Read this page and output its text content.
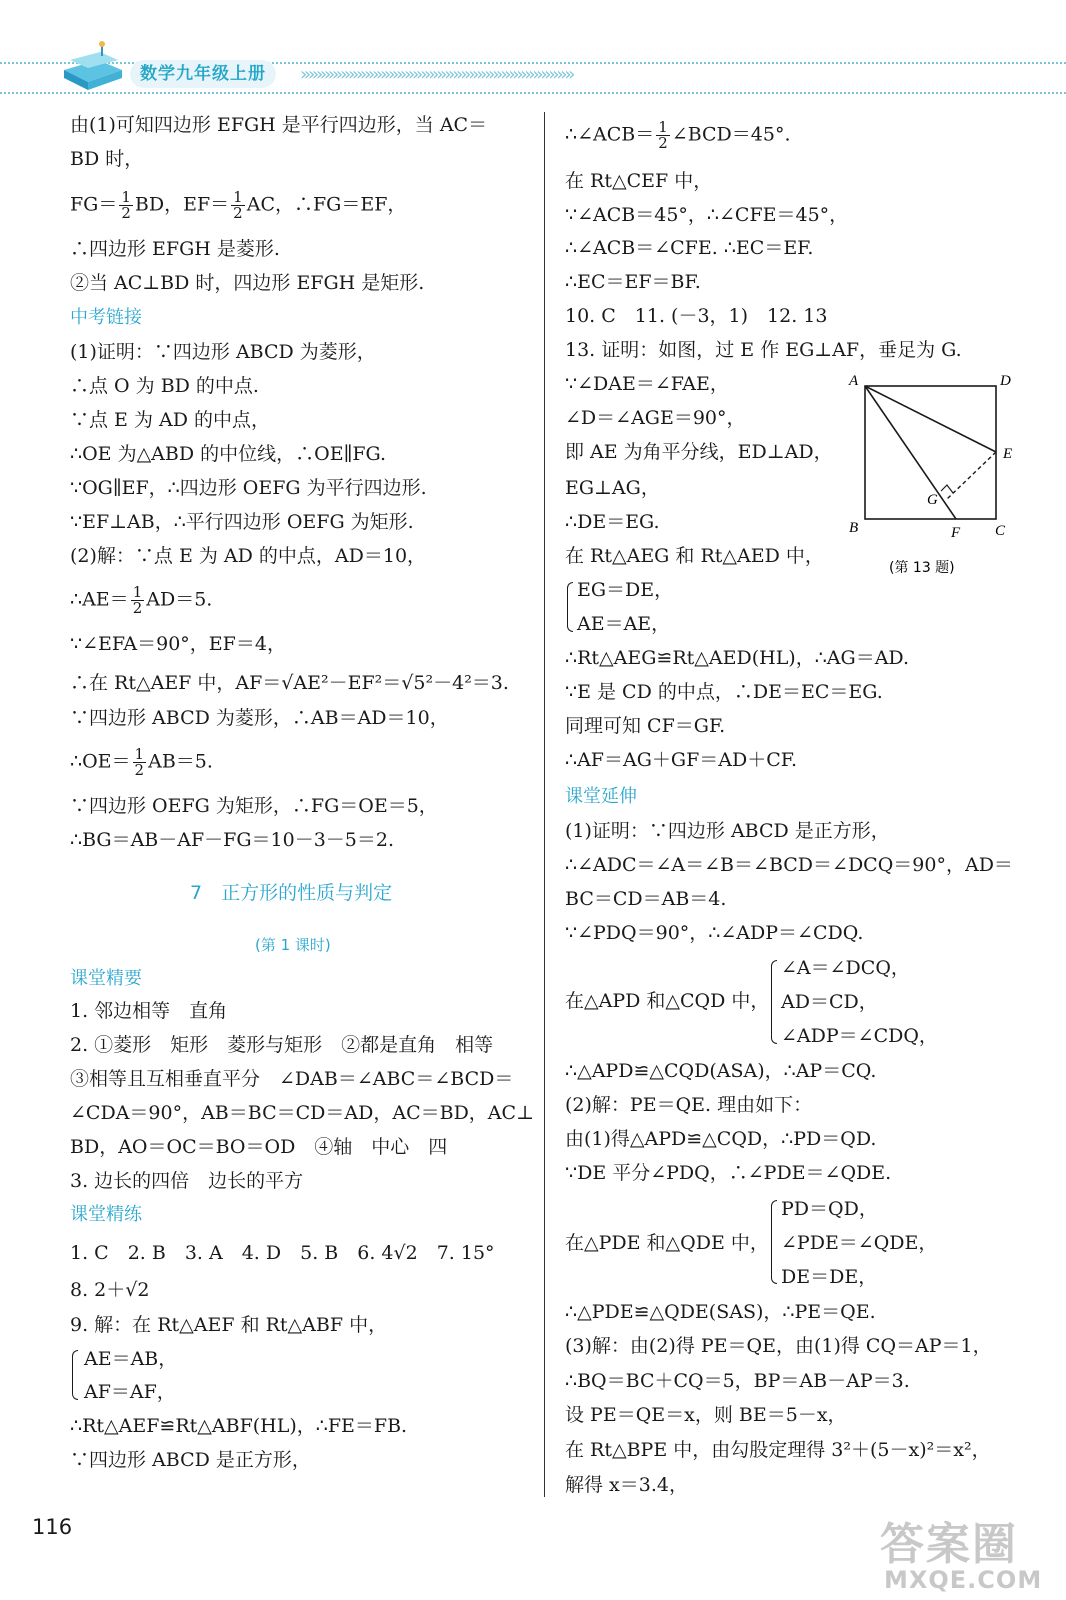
数学九年级上册	»»»»»»»»»»»»»»»»»»»»»»»»»»»»»»»»»»
由(1)可知四边形 EFGH 是平行四边形，当 AC＝
BD 时，
$FG= \frac{1}{2}$ BD，$EF= \frac{1}{2}$ AC，∴FG＝EF，
∴四边形 EFGH 是菱形.
②当 AC⊥BD 时，四边形 EFGH 是矩形.
中考链接
(1)证明：∵四边形 ABCD 为菱形，
∴点 O 为 BD 的中点.
∵点 E 为 AD 的中点，
∴OE 为△ABD 的中位线，∴OE∥FG.
∵OG∥EF，∴四边形 OEFG 为平行四边形.
∵EF⊥AB，∴平行四边形 OEFG 为矩形.
(2)解：∵点 E 为 AD 的中点，AD＝10，
∴AE＝ $\frac{1}{2} AD=5$.
∵∠EFA＝90°，EF＝4，
∴在 Rt△AEF 中，AF＝√AE²－EF²＝√5²－4²＝3.
∵四边形 ABCD 为菱形，∴AB＝AD＝10，
∴OE＝ $\frac{1}{2} AB=5$.
∵四边形 OEFG 为矩形，∴FG＝OE＝5，
∴BG＝AB－AF－FG＝10－3－5＝2.
7　正方形的性质与判定
(第 1 课时)
课堂精要
1. 邻边相等　直角
2. ①菱形　矩形　菱形与矩形　②都是直角　相等
③相等且互相垂直平分　∠DAB＝∠ABC＝∠BCD＝
∠CDA＝90°，AB＝BC＝CD＝AD，AC＝BD，AC⊥
BD，AO＝OC＝BO＝OD　④轴　中心　四
3. 边长的四倍　边长的平方
课堂精练
1. C　2. B　3. A　4. D　5. B　6. 4√2　7. 15°
8. 2＋√2
9. 解：在 Rt△AEF 和 Rt△ABF 中，
AE＝AB，
AF＝AF，
∴Rt△AEF≌Rt△ABF(HL)，∴FE＝FB.
∵四边形 ABCD 是正方形，
∴∠ACB＝ $\frac{1}{2}$ ∠BCD＝45°.
在 Rt△CEF 中，
∵∠ACB＝45°，∴∠CFE＝45°，
∴∠ACB＝∠CFE. ∴EC＝EF.
∴EC＝EF＝BF.
10. C　11. (－3，1)　12. 13
13. 证明：如图，过 E 作 EG⊥AF，垂足为 G.
∵∠DAE＝∠FAE，
∠D＝∠AGE＝90°，
即 AE 为角平分线，ED⊥AD，
EG⊥AG，
∴DE＝EG.
在 Rt△AEG 和 Rt△AED 中，
EG＝DE，
AE＝AE，
∴Rt△AEG≌Rt△AED(HL)，∴AG＝AD.
∵E 是 CD 的中点，∴DE＝EC＝EG.
同理可知 CF＝GF.
∴AF＝AG＋GF＝AD＋CF.
课堂延伸
(1)证明：∵四边形 ABCD 是正方形，
∴∠ADC＝∠A＝∠B＝∠BCD＝∠DCQ＝90°，AD＝
BC＝CD＝AB＝4.
∵∠PDQ＝90°，∴∠ADP＝∠CDQ.
在△APD 和△CQD 中，
∠A＝∠DCQ，
AD＝CD，
∠ADP＝∠CDQ，
∴△APD≌△CQD(ASA)，∴AP＝CQ.
(2)解：PE＝QE. 理由如下：
由(1)得△APD≌△CQD，∴PD＝QD.
∵DE 平分∠PDQ，∴∠PDE＝∠QDE.
在△PDE 和△QDE 中，
PD＝QD，
∠PDE＝∠QDE，
DE＝DE，
∴△PDE≌△QDE(SAS)，∴PE＝QE.
(3)解：由(2)得 PE＝QE，由(1)得 CQ＝AP＝1，
∴BQ＝BC＋CQ＝5，BP＝AB－AP＝3.
设 PE＝QE＝x，则 BE＝5－x，
在 Rt△BPE 中，由勾股定理得 3²＋(5－x)²＝x²，
解得 x＝3.4，
A	D
E
G
B	F C
(第 13 题)
116	答案圈
MXQE.COM
